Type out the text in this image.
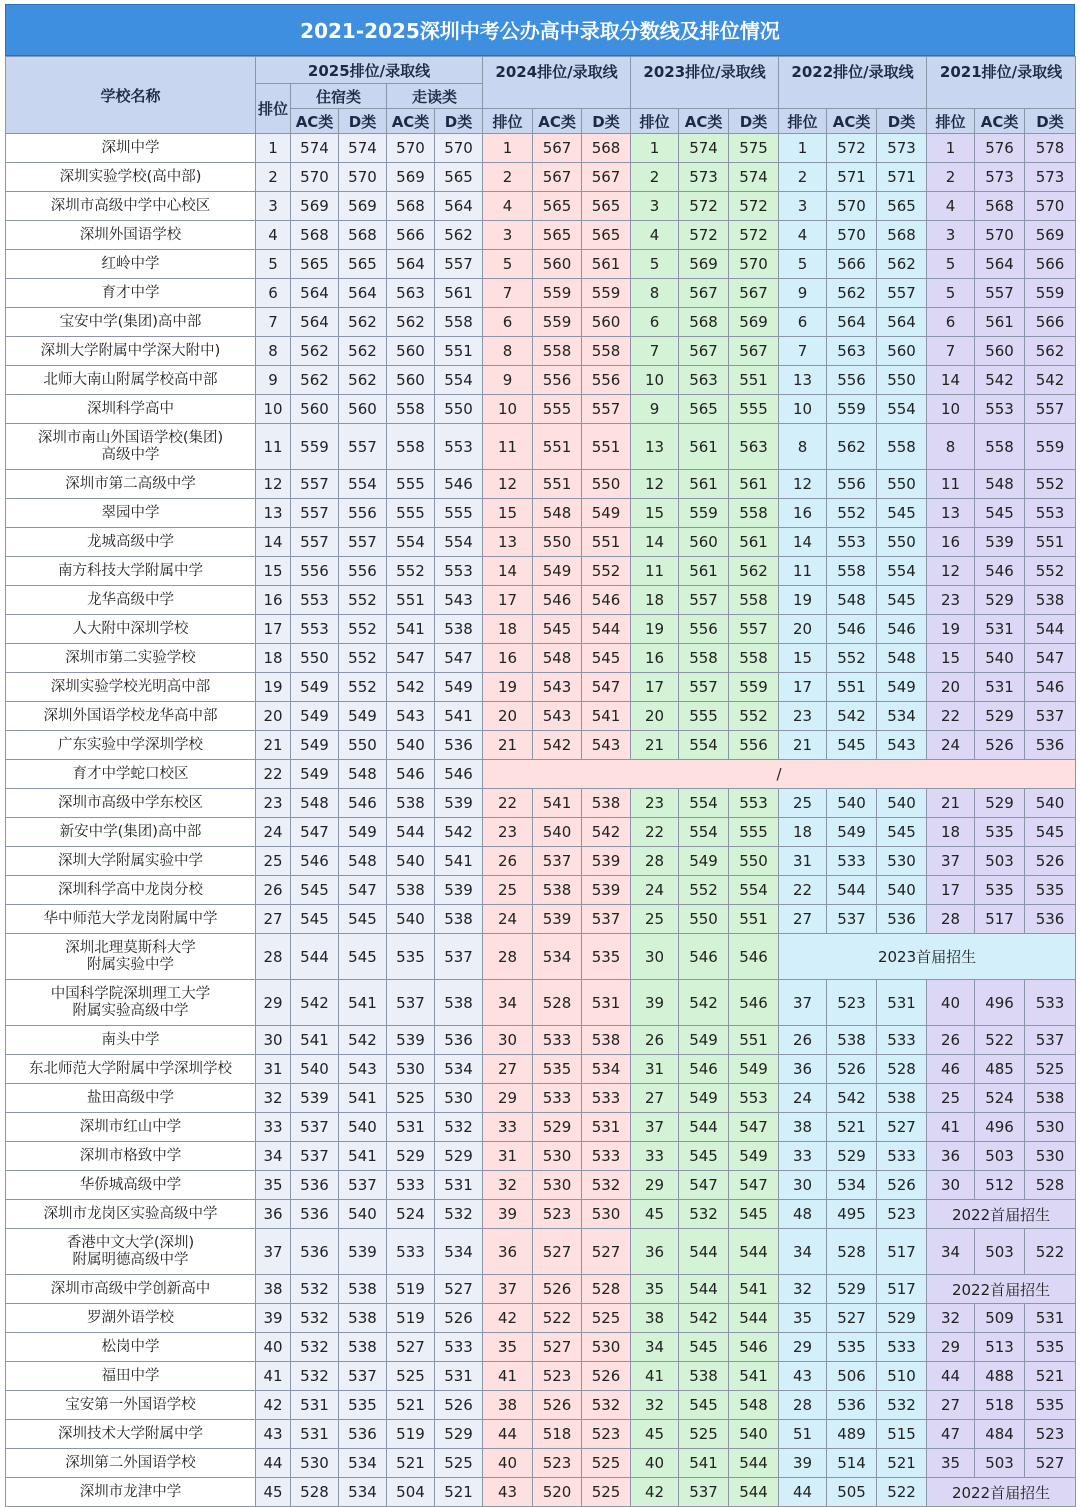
2021-2025深圳中考公办高中录取分数线及排位情况
学校名称	2025排位/录取线					2024排位/录取线			2023排位/录取线			2022排位/录取线			2021排位/录取线		
	排位	住宿类		走读类													
		AC类	D类	AC类	D类	排位	AC类	D类	排位	AC类	D类	排位	AC类	D类	排位	AC类	D类
深圳中学	1	574	574	570	570	1	567	568	1	574	575	1	572	573	1	576	578
深圳实验学校(高中部)	2	570	570	569	565	2	567	567	2	573	574	2	571	571	2	573	573
深圳市高级中学中心校区	3	569	569	568	564	4	565	565	3	572	572	3	570	565	4	568	570
深圳外国语学校	4	568	568	566	562	3	565	565	4	572	572	4	570	568	3	570	569
红岭中学	5	565	565	564	557	5	560	561	5	569	570	5	566	562	5	564	566
育才中学	6	564	564	563	561	7	559	559	8	567	567	9	562	557	5	557	559
宝安中学(集团)高中部	7	564	562	562	558	6	559	560	6	568	569	6	564	564	6	561	566
深圳大学附属中学深大附中)	8	562	562	560	551	8	558	558	7	567	567	7	563	560	7	560	562
北师大南山附属学校高中部	9	562	562	560	554	9	556	556	10	563	551	13	556	550	14	542	542
深圳科学高中	10	560	560	558	550	10	555	557	9	565	555	10	559	554	10	553	557
深圳市南山外国语学校(集团)
高级中学	11	559	557	558	553	11	551	551	13	561	563	8	562	558	8	558	559
深圳市第二高级中学	12	557	554	555	546	12	551	550	12	561	561	12	556	550	11	548	552
翠园中学	13	557	556	555	555	15	548	549	15	559	558	16	552	545	13	545	553
龙城高级中学	14	557	557	554	554	13	550	551	14	560	561	14	553	550	16	539	551
南方科技大学附属中学	15	556	556	552	553	14	549	552	11	561	562	11	558	554	12	546	552
龙华高级中学	16	553	552	551	543	17	546	546	18	557	558	19	548	545	23	529	538
人大附中深圳学校	17	553	552	541	538	18	545	544	19	556	557	20	546	546	19	531	544
深圳市第二实验学校	18	550	552	547	547	16	548	545	16	558	558	15	552	548	15	540	547
深圳实验学校光明高中部	19	549	552	542	549	19	543	547	17	557	559	17	551	549	20	531	546
深圳外国语学校龙华高中部	20	549	549	543	541	20	543	541	20	555	552	23	542	534	22	529	537
广东实验中学深圳学校	21	549	550	540	536	21	542	543	21	554	556	21	545	543	24	526	536
育才中学蛇口校区	22	549	548	546	546	/											
深圳市高级中学东校区	23	548	546	538	539	22	541	538	23	554	553	25	540	540	21	529	540
新安中学(集团)高中部	24	547	549	544	542	23	540	542	22	554	555	18	549	545	18	535	545
深圳大学附属实验中学	25	546	548	540	541	26	537	539	28	549	550	31	533	530	37	503	526
深圳科学高中龙岗分校	26	545	547	538	539	25	538	539	24	552	554	22	544	540	17	535	535
华中师范大学龙岗附属中学	27	545	545	540	538	24	539	537	25	550	551	27	537	536	28	517	536
深圳北理莫斯科大学
附属实验中学	28	544	545	535	537	28	534	535	30	546	546	2023首届招生					
中国科学院深圳理工大学
附属实验高级中学	29	542	541	537	538	34	528	531	39	542	546	37	523	531	40	496	533
南头中学	30	541	542	539	536	30	533	538	26	549	551	26	538	533	26	522	537
东北师范大学附属中学深圳学校	31	540	543	530	534	27	535	534	31	546	549	36	526	528	46	485	525
盐田高级中学	32	539	541	525	530	29	533	533	27	549	553	24	542	538	25	524	538
深圳市红山中学	33	537	540	531	532	33	529	531	37	544	547	38	521	527	41	496	530
深圳市格致中学	34	537	541	529	529	31	530	533	33	545	549	33	529	533	36	503	530
华侨城高级中学	35	536	537	533	531	32	530	532	29	547	547	30	534	526	30	512	528
深圳市龙岗区实验高级中学	36	536	540	524	532	39	523	530	45	532	545	48	495	523	2022首届招生		
香港中文大学(深圳)
附属明德高级中学	37	536	539	533	534	36	527	527	36	544	544	34	528	517	34	503	522
深圳市高级中学创新高中	38	532	538	519	527	37	526	528	35	544	541	32	529	517	2022首届招生		
罗湖外语学校	39	532	538	519	526	42	522	525	38	542	544	35	527	529	32	509	531
松岗中学	40	532	538	527	533	35	527	530	34	545	546	29	535	533	29	513	535
福田中学	41	532	537	525	531	41	523	526	41	538	541	43	506	510	44	488	521
宝安第一外国语学校	42	531	535	521	526	38	526	532	32	545	548	28	536	532	27	518	535
深圳技术大学附属中学	43	531	536	519	529	44	518	523	45	525	540	51	489	515	47	484	523
深圳第二外国语学校	44	530	534	521	525	40	523	525	40	541	544	39	514	521	35	503	527
深圳市龙津中学	45	528	534	504	521	43	520	525	42	537	544	44	505	522	2022首届招生		
